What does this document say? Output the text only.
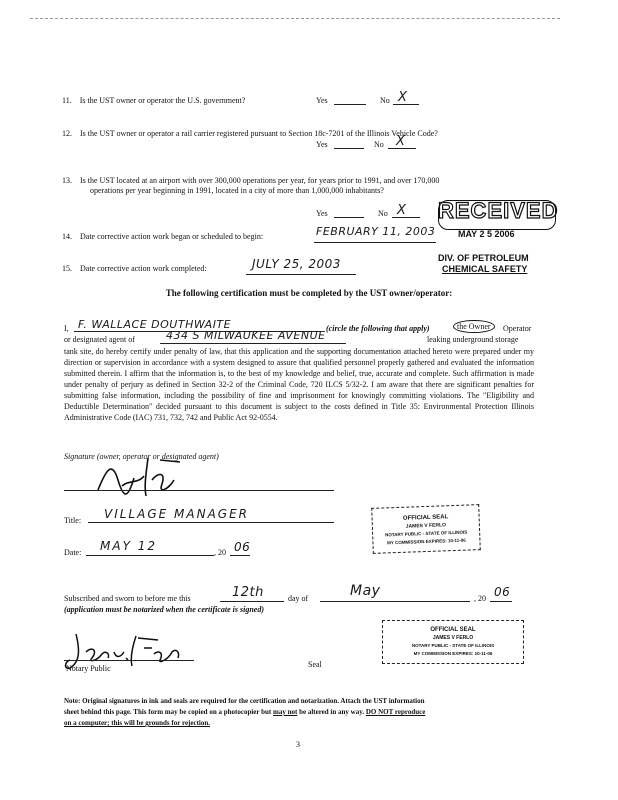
11. Is the UST owner or operator the U.S. government?	Yes	No X
12. Is the UST owner or operator a rail carrier registered pursuant to Section 18c-7201 of the Illinois Vehicle Code?
Yes	No X
13. Is the UST located at an airport with over 300,000 operations per year, for years prior to 1991, and over 170,000
operations per year beginning in 1991, located in a city of more than 1,000,000 inhabitants?
Yes	No X RECEIVED
MAY 2 5 2006
DIV. OF PETROLEUM
CHEMICAL SAFETY
14. Date corrective action work began or scheduled to begin:	FEBRUARY 11, 2003
15. Date corrective action work completed:	JULY 25, 2003
The following certification must be completed by the UST owner/operator:
I, F. WALLACE DOUTHWAITE	(circle the following that apply)	the Owner	Operator
or designated agent of	434 S MILWAUKEE AVENUE	leaking underground storage
tank site, do hereby certify under penalty of law, that this application and the supporting documentation attached hereto were prepared under my direction or supervision in accordance with a system designed to assure that qualified personnel properly gathered and evaluated the information submitted therein. I affirm that the information is, to the best of my knowledge and belief, true, accurate and complete. Such affirmation is made under penalty of perjury as defined in Section 32-2 of the Criminal Code, 720 ILCS 5/32-2. I am aware that there are significant penalties for submitting false information, including the possibility of fine and imprisonment for knowingly committing violations. The "Eligibility and Deductible Determination" decided pursuant to this document is subject to the costs defined in Title 35: Environmental Protection Illinois Administrative Code (IAC) 731, 732, 742 and Public Act 92-0554.
Signature (owner, operator or designated agent)
Title: VILLAGE MANAGER
Date: MAY 12	, 20 06
OFFICIAL SEAL
JAMES V FERLO
NOTARY PUBLIC - STATE OF ILLINOIS
MY COMMISSION EXPIRES: 10-11-06
Subscribed and sworn to before me this	12th	day of	May	, 20 06
(application must be notarized when the certificate is signed)
Notary Public	Seal
OFFICIAL SEAL
JAMES V FERLO
NOTARY PUBLIC - STATE OF ILLINOIS
MY COMMISSION EXPIRES: 10-11-06
Note: Original signatures in ink and seals are required for the certification and notarization. Attach the UST information
sheet behind this page. This form may be copied on a photocopier but may not be altered in any way. DO NOT reproduce
on a computer; this will be grounds for rejection.
3
